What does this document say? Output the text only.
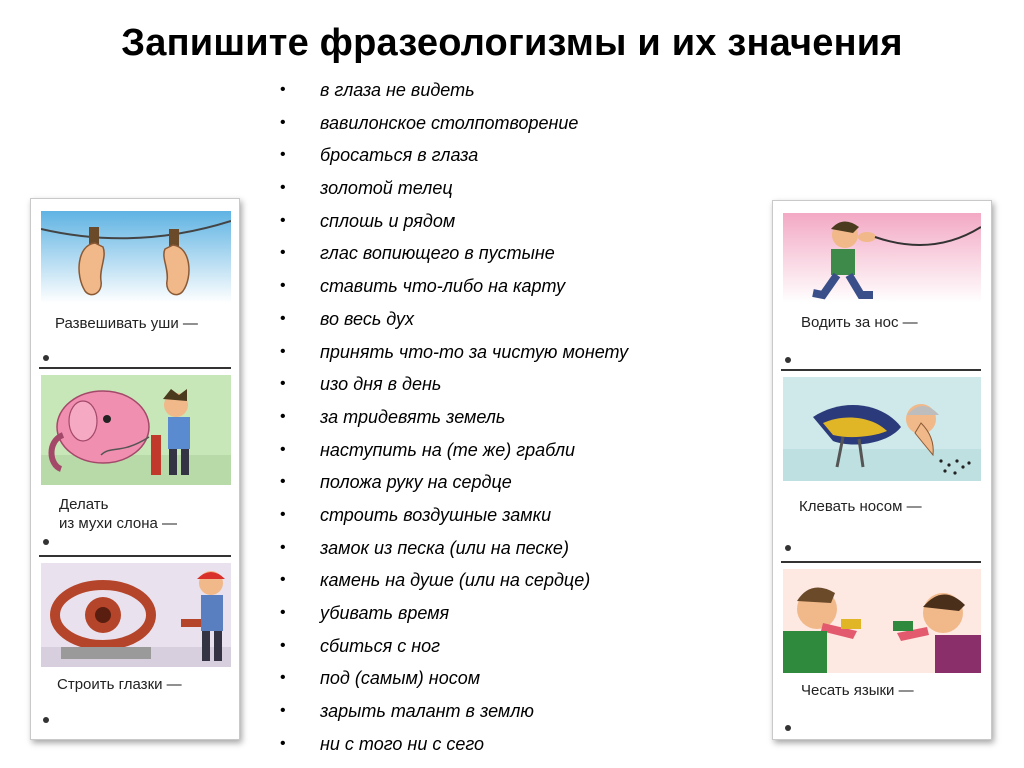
Запишите фразеологизмы и их значения
• в глаза не видеть
• вавилонское столпотворение
• бросаться в глаза
• золотой телец
• сплошь и рядом
• глас вопиющего в пустыне
• ставить что-либо на карту
• во весь дух
• принять что-то за чистую монету
• изо дня в день
• за тридевять земель
• наступить на (те же) грабли
• положа руку на сердце
• строить воздушные замки
• замок из песка (или на песке)
• камень на душе (или на сердце)
• убивать время
• сбиться с ног
• под (самым) носом
• зарыть талант в землю
• ни с того ни с сего
Развешивать уши —
Делать
из мухи слона —
Строить глазки —
Водить за нос —
Клевать носом —
Чесать языки —
